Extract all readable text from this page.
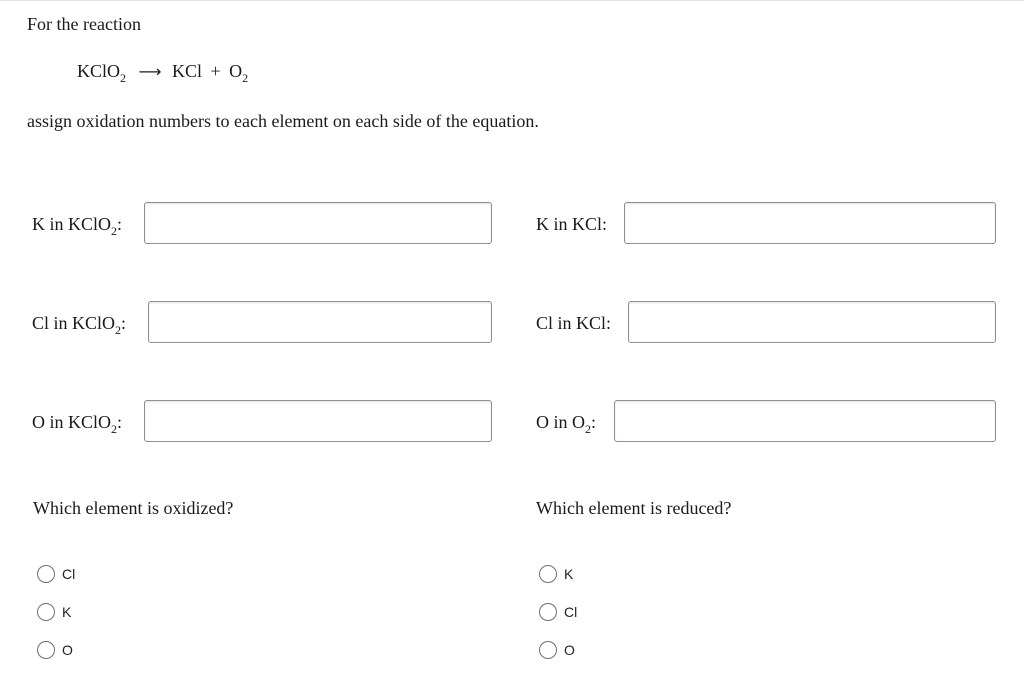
For the reaction
KClO$_2$ ⟶ KCl + $O_2$
assign oxidation numbers to each element on each side of the equation.
K in KClO$_2$:
Cl in KClO$_2$:
O in KClO$_2$:
K in KCl:
Cl in KCl:
O in $O_2$:
Which element is oxidized?
Cl
K
O
Which element is reduced?
K
Cl
O
